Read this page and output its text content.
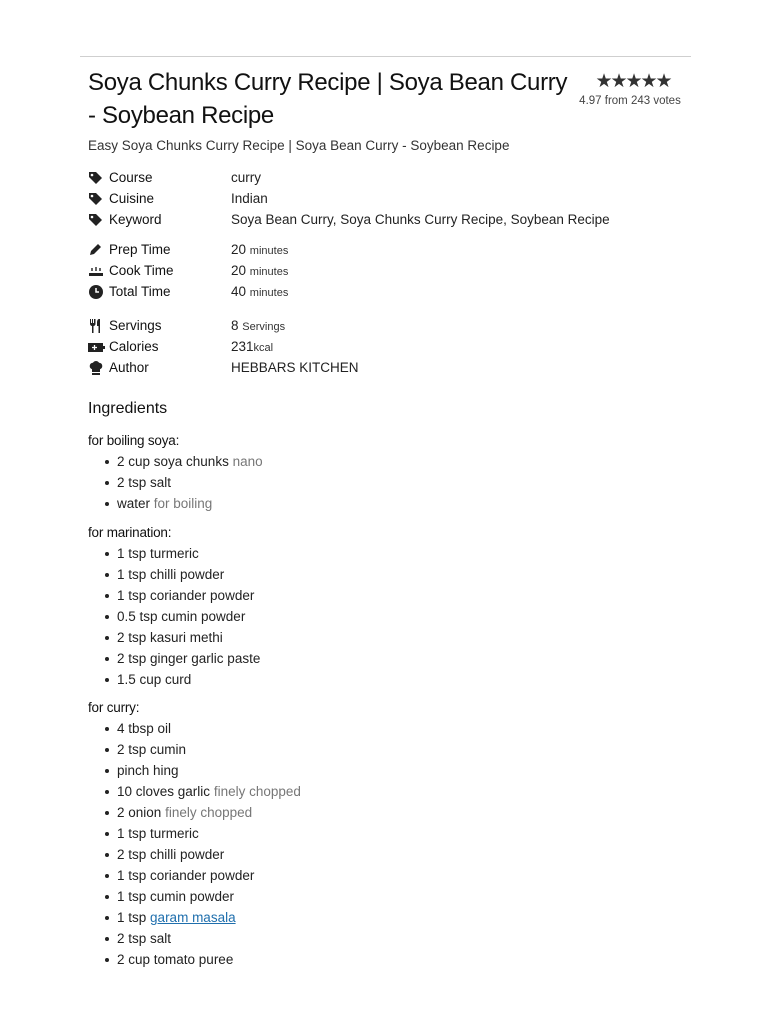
Soya Chunks Curry Recipe | Soya Bean Curry - Soybean Recipe
★
★
★
★
★
4.97 from 243 votes
Easy Soya Chunks Curry Recipe | Soya Bean Curry - Soybean Recipe
Course	curry
Cuisine	Indian
Keyword	Soya Bean Curry, Soya Chunks Curry Recipe, Soybean Recipe
Prep Time	20 minutes
Cook Time	20 minutes
Total Time	40 minutes
Servings	8 Servings
Calories	231kcal
Author	HEBBARS KITCHEN
Ingredients
for boiling soya:
2 cup soya chunks nano
2 tsp salt
water for boiling
for marination:
1 tsp turmeric
1 tsp chilli powder
1 tsp coriander powder
0.5 tsp cumin powder
2 tsp kasuri methi
2 tsp ginger garlic paste
1.5 cup curd
for curry:
4 tbsp oil
2 tsp cumin
pinch hing
10 cloves garlic finely chopped
2 onion finely chopped
1 tsp turmeric
2 tsp chilli powder
1 tsp coriander powder
1 tsp cumin powder
1 tsp garam masala
2 tsp salt
2 cup tomato puree
